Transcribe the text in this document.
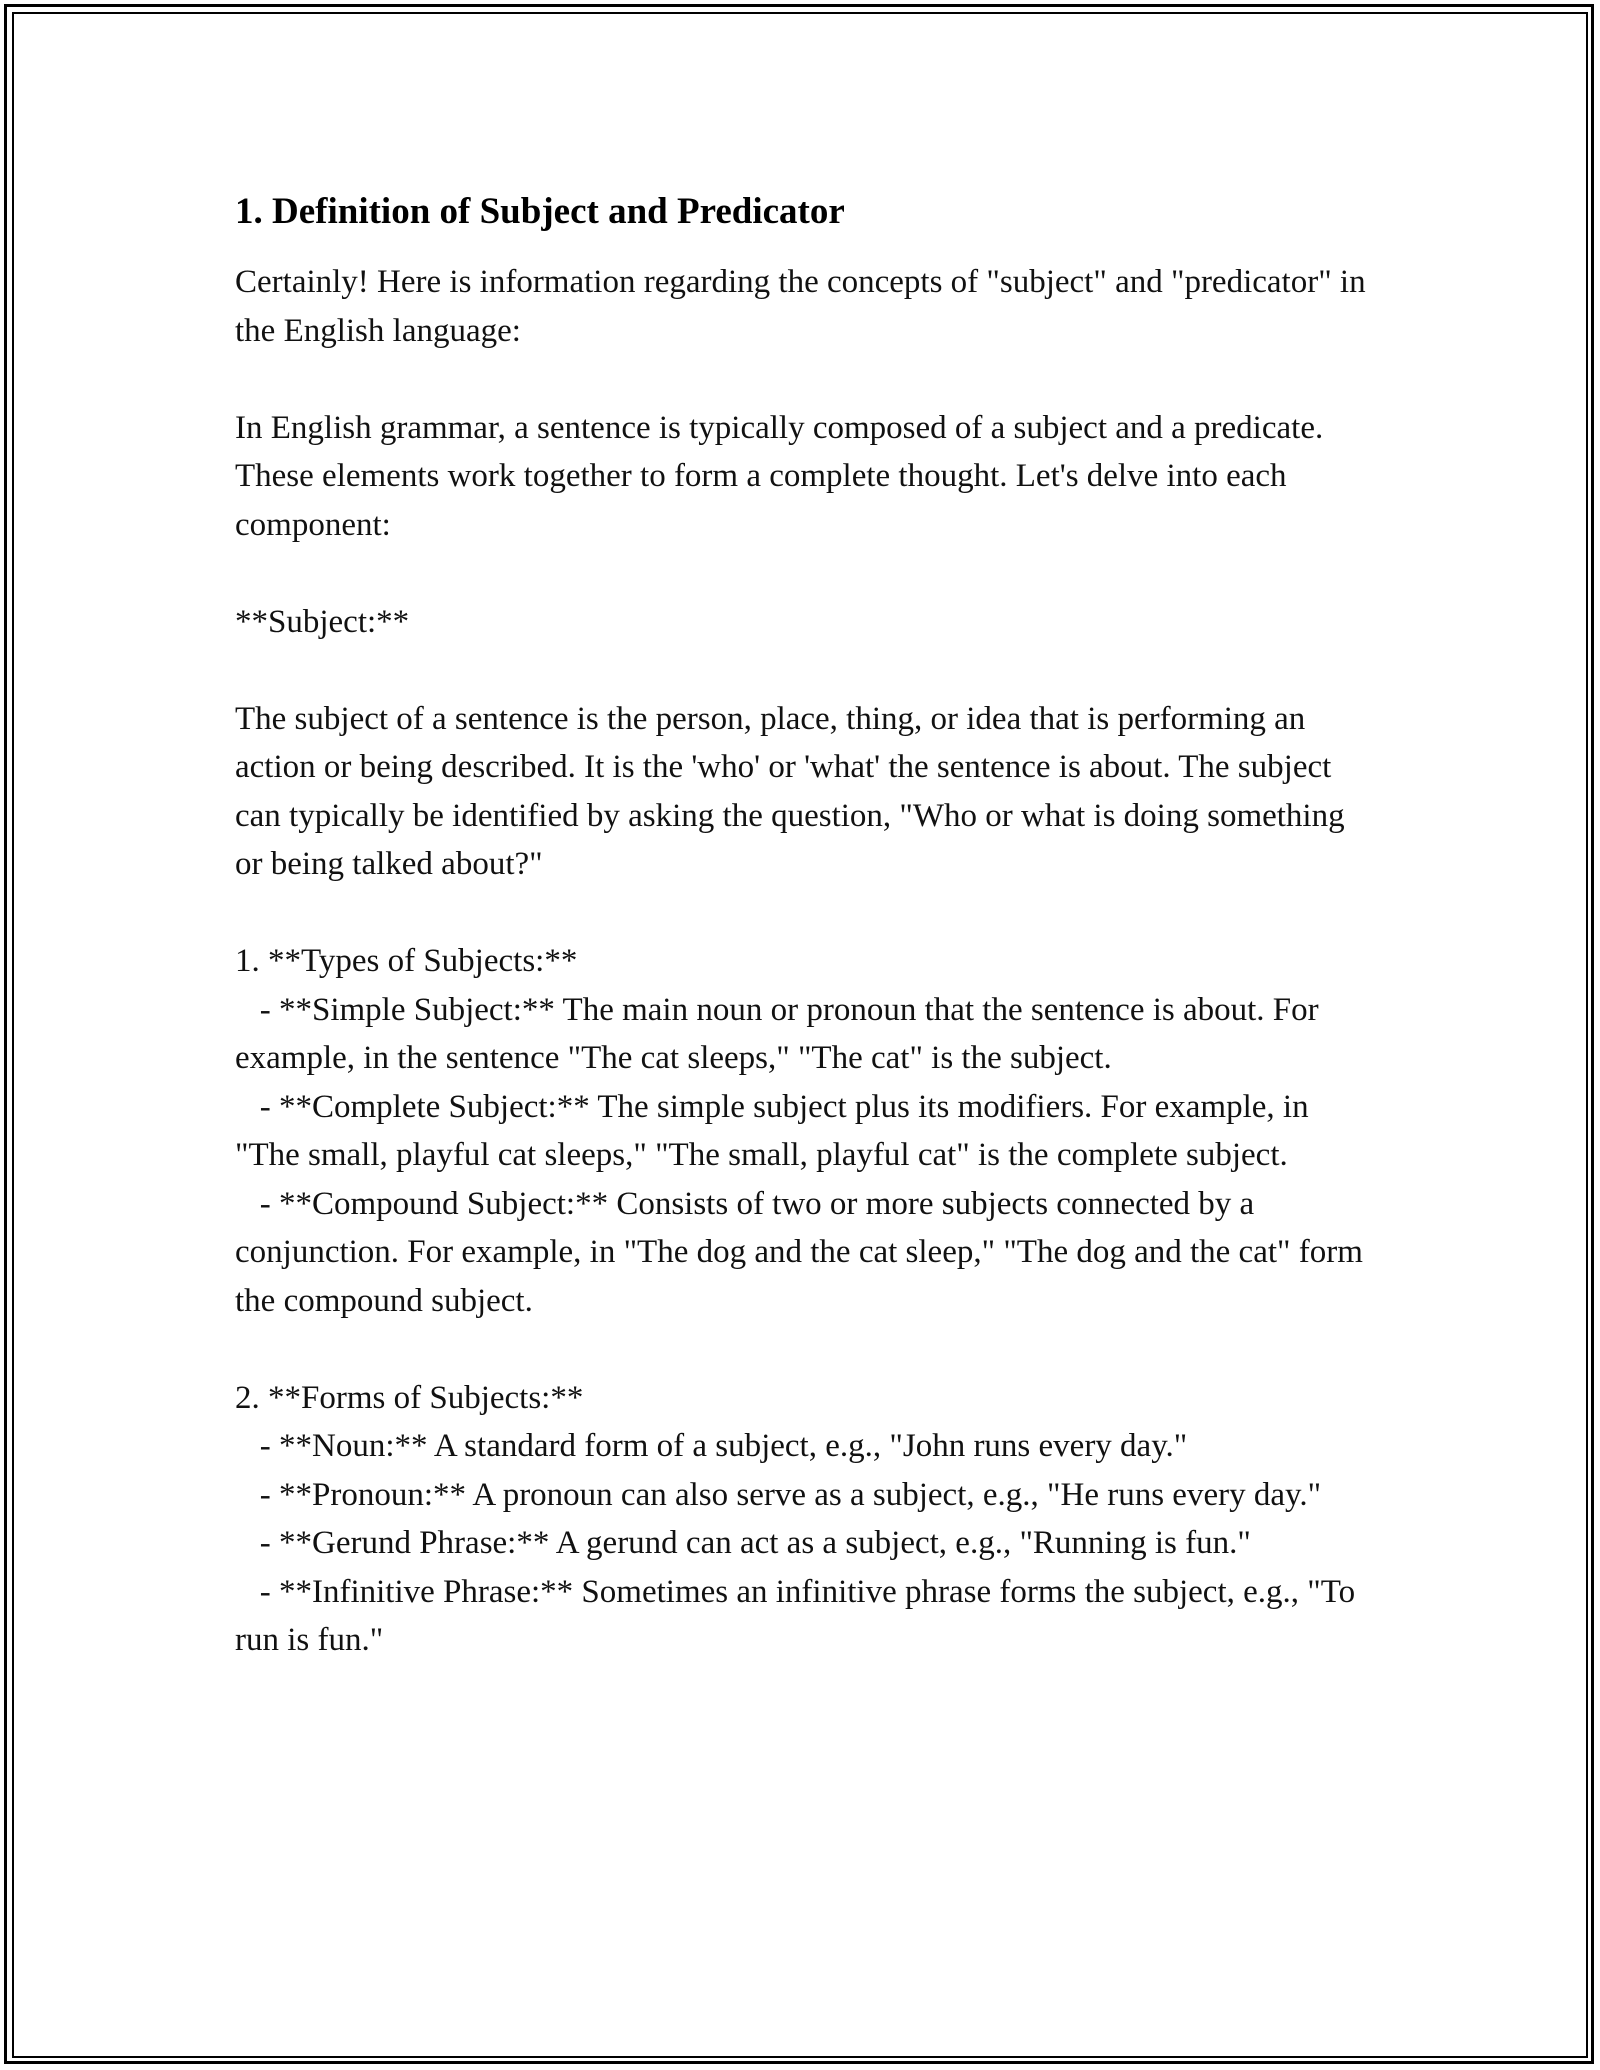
1. Definition of Subject and Predicator

Certainly! Here is information regarding the concepts of "subject" and "predicator" in the English language:

In English grammar, a sentence is typically composed of a subject and a predicate. These elements work together to form a complete thought. Let's delve into each component:

**Subject:**

The subject of a sentence is the person, place, thing, or idea that is performing an action or being described. It is the 'who' or 'what' the sentence is about. The subject can typically be identified by asking the question, "Who or what is doing something or being talked about?"

1. **Types of Subjects:**
- **Simple Subject:** The main noun or pronoun that the sentence is about. For example, in the sentence "The cat sleeps," "The cat" is the subject.
- **Complete Subject:** The simple subject plus its modifiers. For example, in "The small, playful cat sleeps," "The small, playful cat" is the complete subject.
- **Compound Subject:** Consists of two or more subjects connected by a conjunction. For example, in "The dog and the cat sleep," "The dog and the cat" form the compound subject.

2. **Forms of Subjects:**
- **Noun:** A standard form of a subject, e.g., "John runs every day."
- **Pronoun:** A pronoun can also serve as a subject, e.g., "He runs every day."
- **Gerund Phrase:** A gerund can act as a subject, e.g., "Running is fun."
- **Infinitive Phrase:** Sometimes an infinitive phrase forms the subject, e.g., "To run is fun."
